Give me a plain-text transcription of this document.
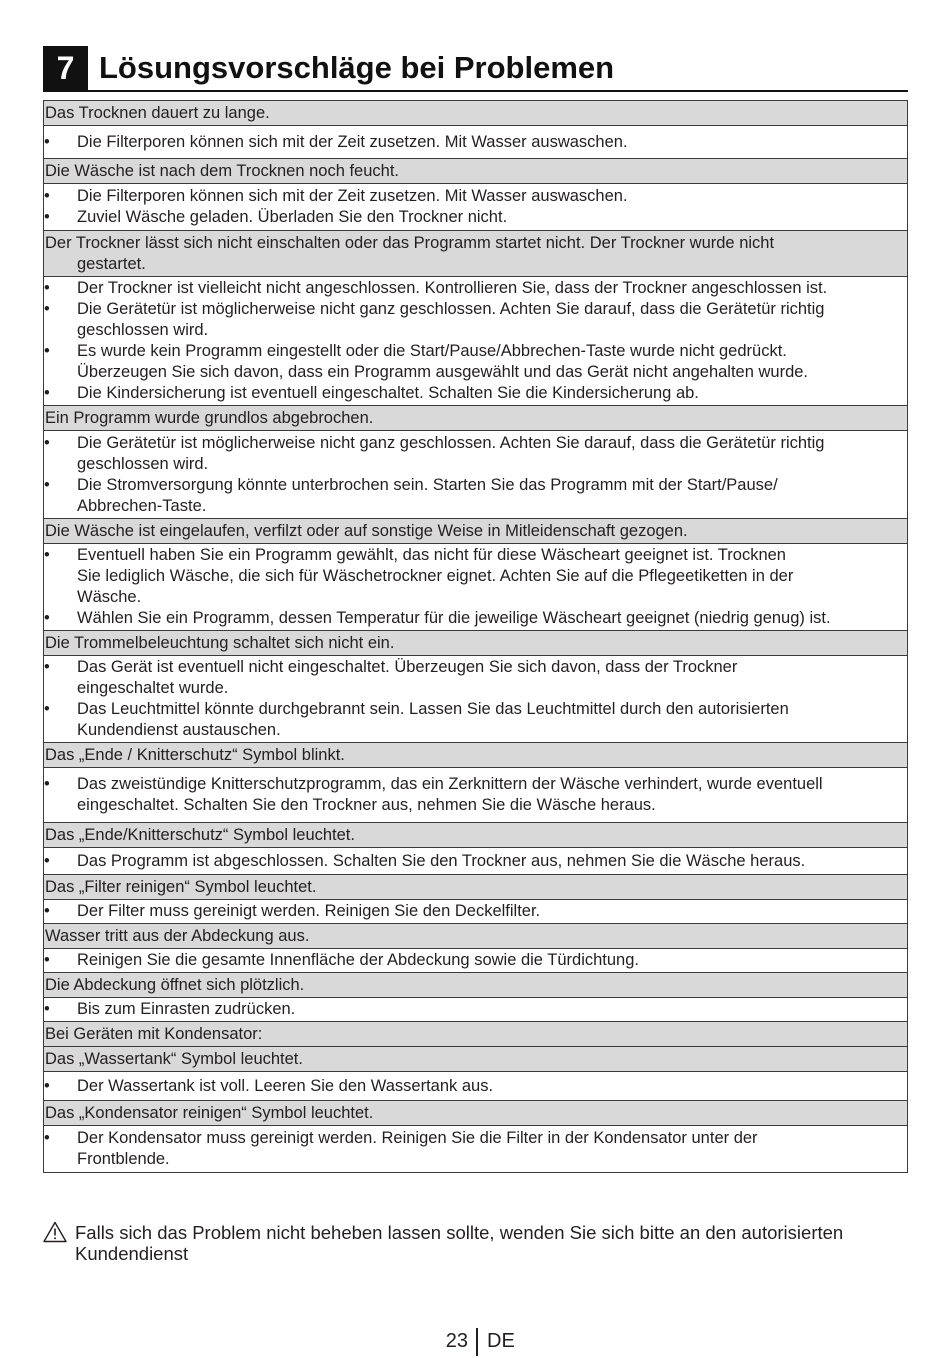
7 Lösungsvorschläge bei Problemen
Das Trocknen dauert zu lange.
•	Die Filterporen können sich mit der Zeit zusetzen. Mit Wasser auswaschen.
Die Wäsche ist nach dem Trocknen noch feucht.
•	Die Filterporen können sich mit der Zeit zusetzen. Mit Wasser auswaschen.
•	Zuviel Wäsche geladen. Überladen Sie den Trockner nicht.
Der Trockner lässt sich nicht einschalten oder das Programm startet nicht. Der Trockner wurde nicht
gestartet.
•	Der Trockner ist vielleicht nicht angeschlossen. Kontrollieren Sie, dass der Trockner angeschlossen ist.
•	Die Gerätetür ist möglicherweise nicht ganz geschlossen. Achten Sie darauf, dass die Gerätetür richtig
geschlossen wird.
•	Es wurde kein Programm eingestellt oder die Start/Pause/Abbrechen-Taste wurde nicht gedrückt.
Überzeugen Sie sich davon, dass ein Programm ausgewählt und das Gerät nicht angehalten wurde.
•	Die Kindersicherung ist eventuell eingeschaltet. Schalten Sie die Kindersicherung ab.
Ein Programm wurde grundlos abgebrochen.
•	Die Gerätetür ist möglicherweise nicht ganz geschlossen. Achten Sie darauf, dass die Gerätetür richtig
geschlossen wird.
•	Die Stromversorgung könnte unterbrochen sein. Starten Sie das Programm mit der Start/Pause/
Abbrechen-Taste.
Die Wäsche ist eingelaufen, verfilzt oder auf sonstige Weise in Mitleidenschaft gezogen.
•	Eventuell haben Sie ein Programm gewählt, das nicht für diese Wäscheart geeignet ist. Trocknen
Sie lediglich Wäsche, die sich für Wäschetrockner eignet. Achten Sie auf die Pflegeetiketten in der
Wäsche.
•	Wählen Sie ein Programm, dessen Temperatur für die jeweilige Wäscheart geeignet (niedrig genug) ist.
Die Trommelbeleuchtung schaltet sich nicht ein.
•	Das Gerät ist eventuell nicht eingeschaltet. Überzeugen Sie sich davon, dass der Trockner
eingeschaltet wurde.
•	Das Leuchtmittel könnte durchgebrannt sein. Lassen Sie das Leuchtmittel durch den autorisierten
Kundendienst austauschen.
Das „Ende / Knitterschutz“ Symbol blinkt.
•	Das zweistündige Knitterschutzprogramm, das ein Zerknittern der Wäsche verhindert, wurde eventuell
eingeschaltet. Schalten Sie den Trockner aus, nehmen Sie die Wäsche heraus.
Das „Ende/Knitterschutz“ Symbol leuchtet.
•	Das Programm ist abgeschlossen. Schalten Sie den Trockner aus, nehmen Sie die Wäsche heraus.
Das „Filter reinigen“ Symbol leuchtet.
•	Der Filter muss gereinigt werden. Reinigen Sie den Deckelfilter.
Wasser tritt aus der Abdeckung aus.
•	Reinigen Sie die gesamte Innenfläche der Abdeckung sowie die Türdichtung.
Die Abdeckung öffnet sich plötzlich.
•	Bis zum Einrasten zudrücken.
Bei Geräten mit Kondensator:
Das „Wassertank“ Symbol leuchtet.
•	Der Wassertank ist voll. Leeren Sie den Wassertank aus.
Das „Kondensator reinigen“ Symbol leuchtet.
•	Der Kondensator muss gereinigt werden. Reinigen Sie die Filter in der Kondensator unter der
Frontblende.
Falls sich das Problem nicht beheben lassen sollte, wenden Sie sich bitte an den autorisierten
Kundendienst
23 DE
